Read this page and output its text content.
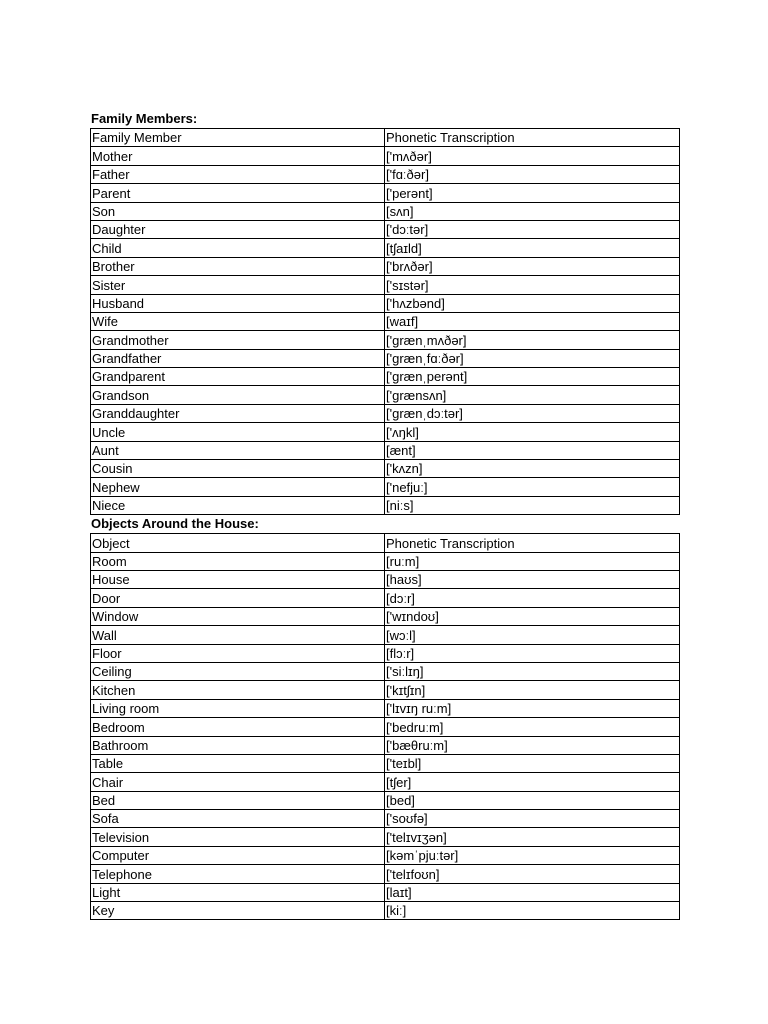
Family Members:
Family Member	Phonetic Transcription
Mother	['mʌðər]
Father	['fɑːðər]
Parent	['perənt]
Son	[sʌn]
Daughter	['dɔːtər]
Child	[tʃaɪld]
Brother	['brʌðər]
Sister	['sɪstər]
Husband	['hʌzbənd]
Wife	[waɪf]
Grandmother	['grænˌmʌðər]
Grandfather	['grænˌfɑːðər]
Grandparent	['grænˌperənt]
Grandson	['grænsʌn]
Granddaughter	['grænˌdɔːtər]
Uncle	['ʌŋkl]
Aunt	[ænt]
Cousin	['kʌzn]
Nephew	['nefjuː]
Niece	[niːs]
Objects Around the House:
Object	Phonetic Transcription
Room	[ruːm]
House	[haʊs]
Door	[dɔːr]
Window	['wɪndoʊ]
Wall	[wɔːl]
Floor	[flɔːr]
Ceiling	['siːlɪŋ]
Kitchen	['kɪtʃɪn]
Living room	['lɪvɪŋ ruːm]
Bedroom	['bedruːm]
Bathroom	['bæθruːm]
Table	['teɪbl]
Chair	[tʃer]
Bed	[bed]
Sofa	['soʊfə]
Television	['telɪvɪʒən]
Computer	[kəmˈpjuːtər]
Telephone	['telɪfoʊn]
Light	[laɪt]
Key	[kiː]
